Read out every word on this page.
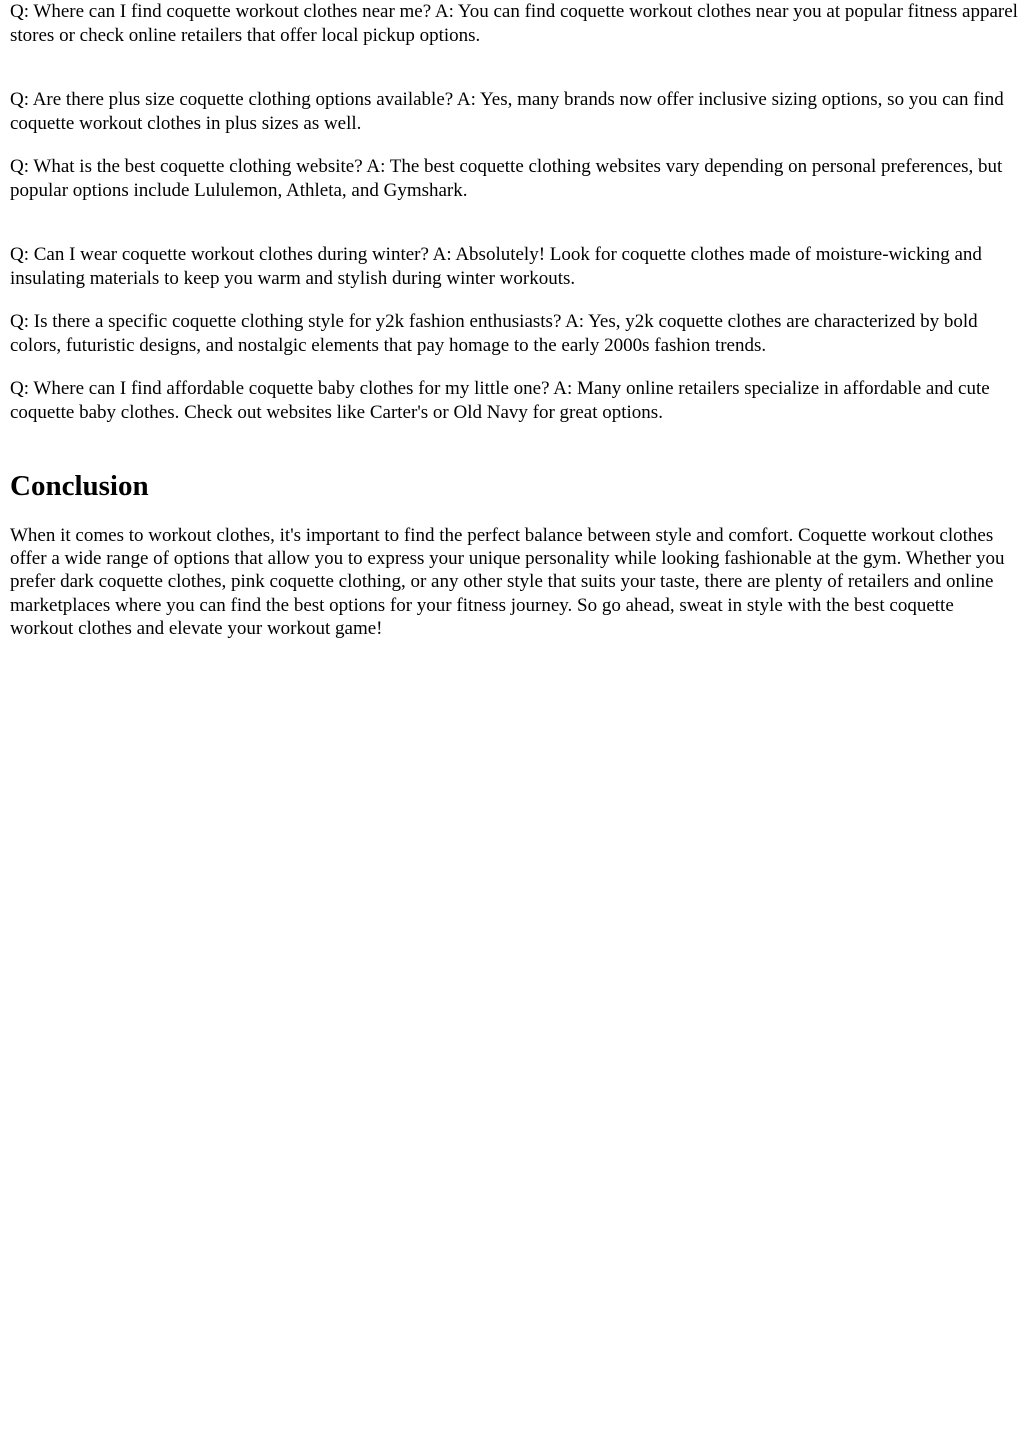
Q: Where can I find coquette workout clothes near me? A: You can find coquette workout clothes near you at popular fitness apparel stores or check online retailers that offer local pickup options.

Q: Are there plus size coquette clothing options available? A: Yes, many brands now offer inclusive sizing options, so you can find coquette workout clothes in plus sizes as well.

Q: What is the best coquette clothing website? A: The best coquette clothing websites vary depending on personal preferences, but popular options include Lululemon, Athleta, and Gymshark.

Q: Can I wear coquette workout clothes during winter? A: Absolutely! Look for coquette clothes made of moisture-wicking and insulating materials to keep you warm and stylish during winter workouts.

Q: Is there a specific coquette clothing style for y2k fashion enthusiasts? A: Yes, y2k coquette clothes are characterized by bold colors, futuristic designs, and nostalgic elements that pay homage to the early 2000s fashion trends.

Q: Where can I find affordable coquette baby clothes for my little one? A: Many online retailers specialize in affordable and cute coquette baby clothes. Check out websites like Carter's or Old Navy for great options.

Conclusion

When it comes to workout clothes, it's important to find the perfect balance between style and comfort. Coquette workout clothes offer a wide range of options that allow you to express your unique personality while looking fashionable at the gym. Whether you prefer dark coquette clothes, pink coquette clothing, or any other style that suits your taste, there are plenty of retailers and online marketplaces where you can find the best options for your fitness journey. So go ahead, sweat in style with the best coquette workout clothes and elevate your workout game!
